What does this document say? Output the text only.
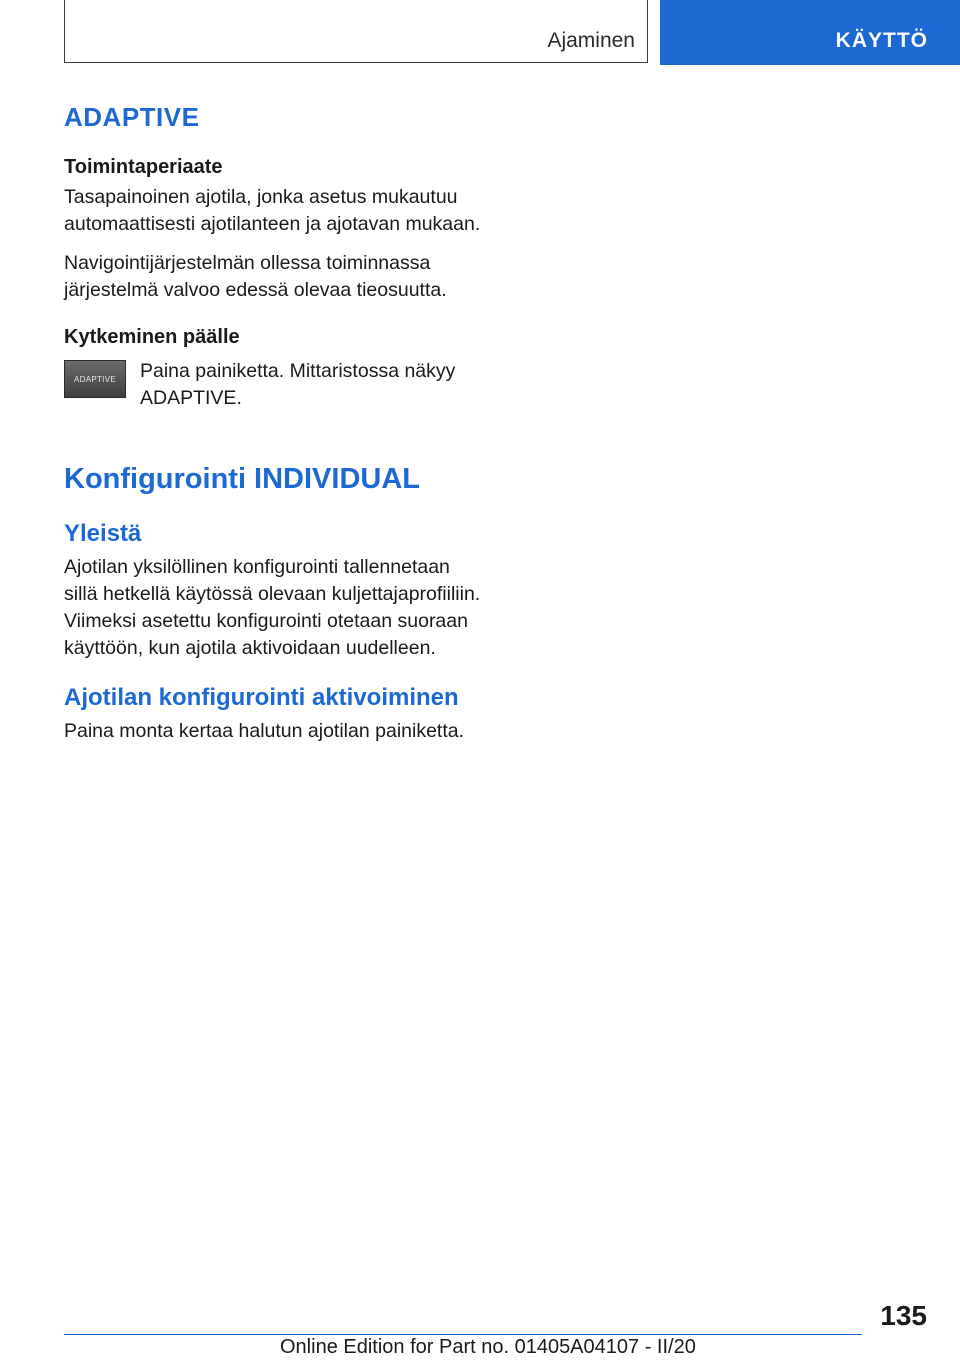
Ajaminen	KÄYTTÖ
ADAPTIVE
Toimintaperiaate

Tasapainoinen ajotila, jonka asetus mukautuu automaattisesti ajotilanteen ja ajotavan mukaan.

Navigointijärjestelmän ollessa toiminnassa järjestelmä valvoo edessä olevaa tieosuutta.

Kytkeminen päälle
ADAPTIVE	Paina painiketta. Mittaristossa näkyy ADAPTIVE.

Konfigurointi INDIVIDUAL
Yleistä

Ajotilan yksilöllinen konfigurointi tallennetaan sillä hetkellä käytössä olevaan kuljettajaprofiiliin. Viimeksi asetettu konfigurointi otetaan suoraan käyttöön, kun ajotila aktivoidaan uudelleen.

Ajotilan konfigurointi aktivoiminen

Paina monta kertaa halutun ajotilan painiketta.

135
Online Edition for Part no. 01405A04107 - II/20
